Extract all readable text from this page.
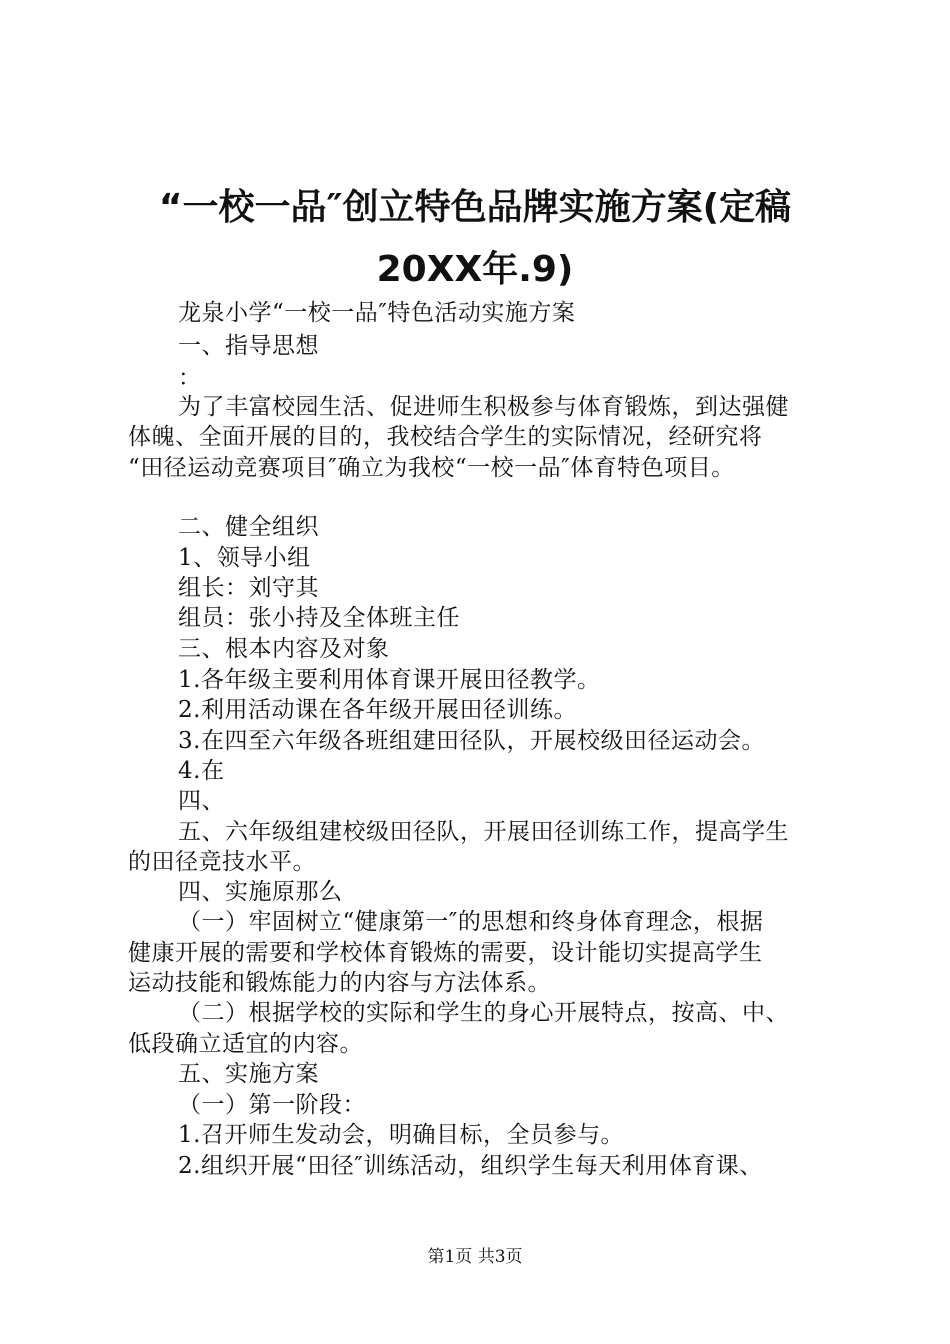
“一校一品″创立特色品牌实施方案(定稿
20XX年.9)
龙泉小学“一校一品″特色活动实施方案
一、指导思想
：
为了丰富校园生活、促进师生积极参与体育锻炼，到达强健
体魄、全面开展的目的，我校结合学生的实际情况，经研究将
“田径运动竞赛项目″确立为我校“一校一品″体育特色项目。
二、健全组织
1、领导小组
组长：刘守其
组员：张小持及全体班主任
三、根本内容及对象
1.各年级主要利用体育课开展田径教学。
2.利用活动课在各年级开展田径训练。
3.在四至六年级各班组建田径队，开展校级田径运动会。
4.在
四、
五、六年级组建校级田径队，开展田径训练工作，提高学生
的田径竞技水平。
四、实施原那么
（一）牢固树立“健康第一″的思想和终身体育理念，根据
健康开展的需要和学校体育锻炼的需要，设计能切实提高学生
运动技能和锻炼能力的内容与方法体系。
（二）根据学校的实际和学生的身心开展特点，按高、中、
低段确立适宜的内容。
五、实施方案
（一）第一阶段：
1.召开师生发动会，明确目标，全员参与。
2.组织开展“田径″训练活动，组织学生每天利用体育课、
第1页 共3页
